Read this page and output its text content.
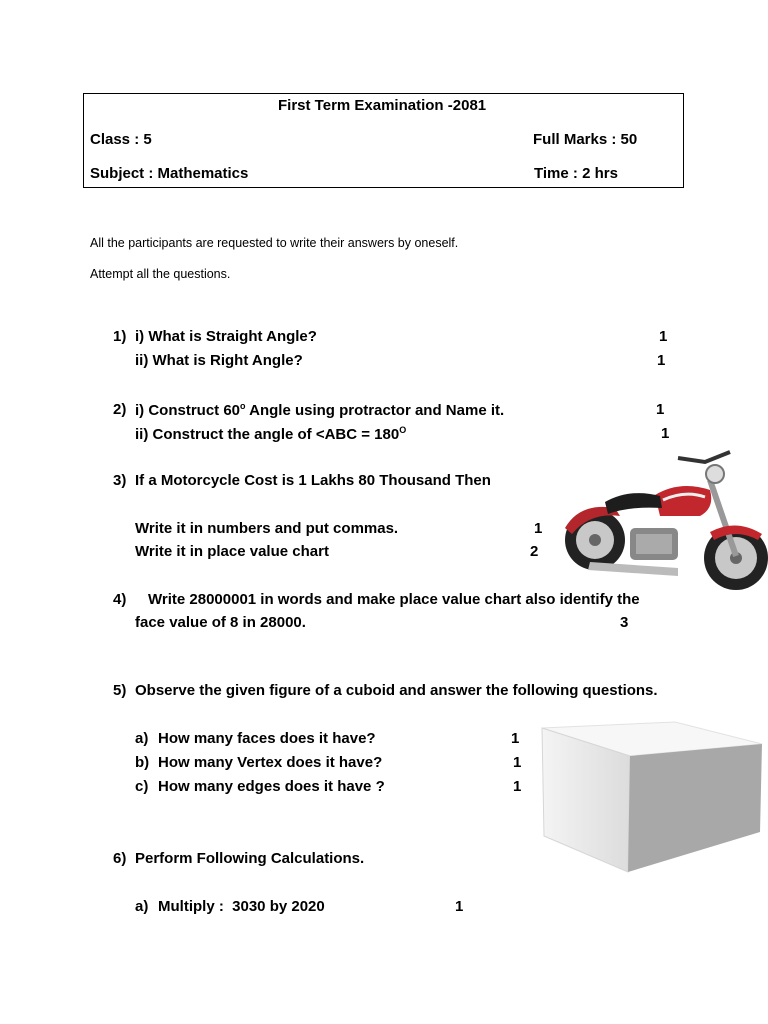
First Term Examination -2081
Class : 5	Full Marks : 50
Subject : Mathematics	Time : 2 hrs
All the participants are requested to write their answers by oneself.
Attempt all the questions.
1) i) What is Straight Angle?	1
ii) What is Right Angle?	1
2) i) Construct 60$^o$ Angle using protractor and Name it.	1
ii) Construct the angle of $<ABC = 180^O$	1
3) If a Motorcycle Cost is 1 Lakhs 80 Thousand Then
Write it in numbers and put commas.	1
Write it in place value chart	2
4) Write 28000001 in words and make place value chart also identify the
face value of 8 in 28000.	3
5) Observe the given figure of a cuboid and answer the following questions.
a) How many faces does it have?	1
b) How many Vertex does it have?	1
c) How many edges does it have ?	1
6) Perform Following Calculations.
a) Multiply :  3030 by 2020	1
